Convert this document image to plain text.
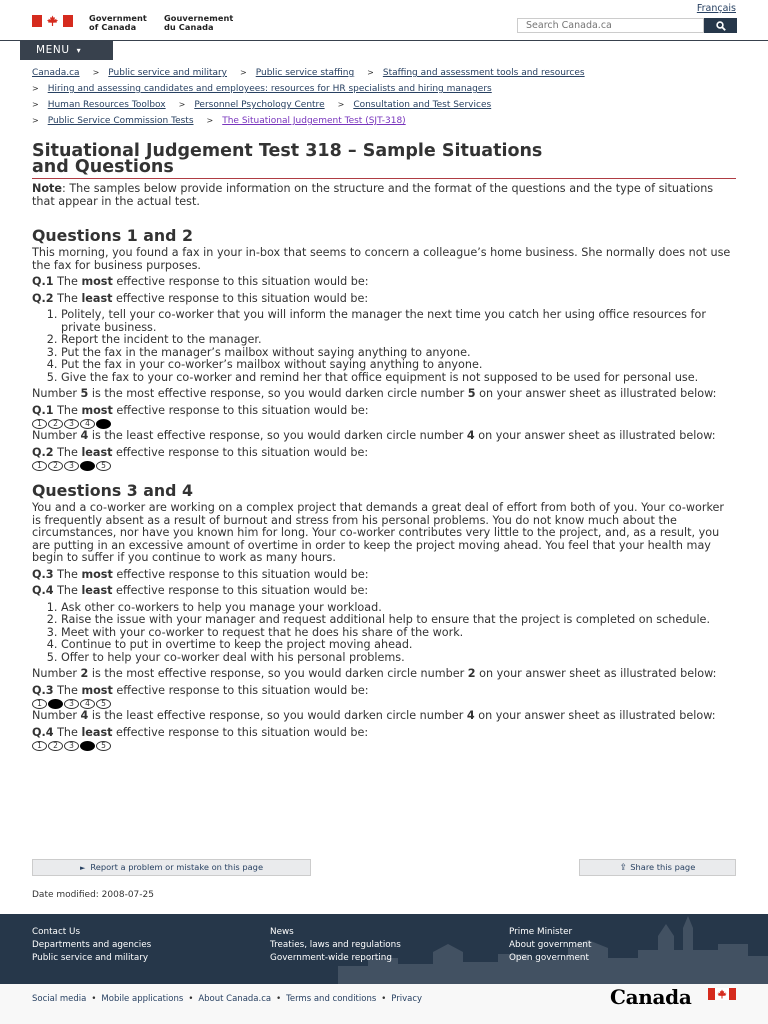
Français
Government
of Canada
Gouvernement
du Canada
Search Canada.ca
MENU ▾
Canada.ca > Public service and military > Public service staffing > Staffing and assessment tools and resources
> Hiring and assessing candidates and employees: resources for HR specialists and hiring managers
> Human Resources Toolbox > Personnel Psychology Centre > Consultation and Test Services
> Public Service Commission Tests > The Situational Judgement Test (SJT-318)
Situational Judgement Test 318 – Sample Situations
and Questions

Note: The samples below provide information on the structure and the format of the questions and the type of situations that appear in the actual test.

Questions 1 and 2

This morning, you found a fax in your in-box that seems to concern a colleague’s home business. She normally does not use the fax for business purposes.

Q.1 The most effective response to this situation would be:

Q.2 The least effective response to this situation would be:

1. Politely, tell your co-worker that you will inform the manager the next time you catch her using office resources for private business.
2. Report the incident to the manager.
3. Put the fax in the manager’s mailbox without saying anything to anyone.
4. Put the fax in your co-worker’s mailbox without saying anything to anyone.
5. Give the fax to your co-worker and remind her that office equipment is not supposed to be used for personal use.

Number 5 is the most effective response, so you would darken circle number 5 on your answer sheet as illustrated below:

Q.1 The most effective response to this situation would be:

1	2	3	4	5

Number 4 is the least effective response, so you would darken circle number 4 on your answer sheet as illustrated below:

Q.2 The least effective response to this situation would be:

1	2	3	4	5
Questions 3 and 4

You and a co-worker are working on a complex project that demands a great deal of effort from both of you. Your co-worker is frequently absent as a result of burnout and stress from his personal problems. You do not know much about the circumstances, nor have you known him for long. Your co-worker contributes very little to the project, and, as a result, you are putting in an excessive amount of overtime in order to keep the project moving ahead. You feel that your health may begin to suffer if you continue to work as many hours.

Q.3 The most effective response to this situation would be:

Q.4 The least effective response to this situation would be:

1. Ask other co-workers to help you manage your workload.
2. Raise the issue with your manager and request additional help to ensure that the project is completed on schedule.
3. Meet with your co-worker to request that he does his share of the work.
4. Continue to put in overtime to keep the project moving ahead.
5. Offer to help your co-worker deal with his personal problems.

Number 2 is the most effective response, so you would darken circle number 2 on your answer sheet as illustrated below:

Q.3 The most effective response to this situation would be:

1	2	3	4	5

Number 4 is the least effective response, so you would darken circle number 4 on your answer sheet as illustrated below:

Q.4 The least effective response to this situation would be:

1	2	3	4	5
► Report a problem or mistake on this page	⇪ Share this page
Date modified: 2008-07-25
Contact Us
Departments and agencies
Public service and military
News
Treaties, laws and regulations
Government-wide reporting
Prime Minister
About government
Open government
Social media • Mobile applications • About Canada.ca • Terms and conditions • Privacy	Canada
